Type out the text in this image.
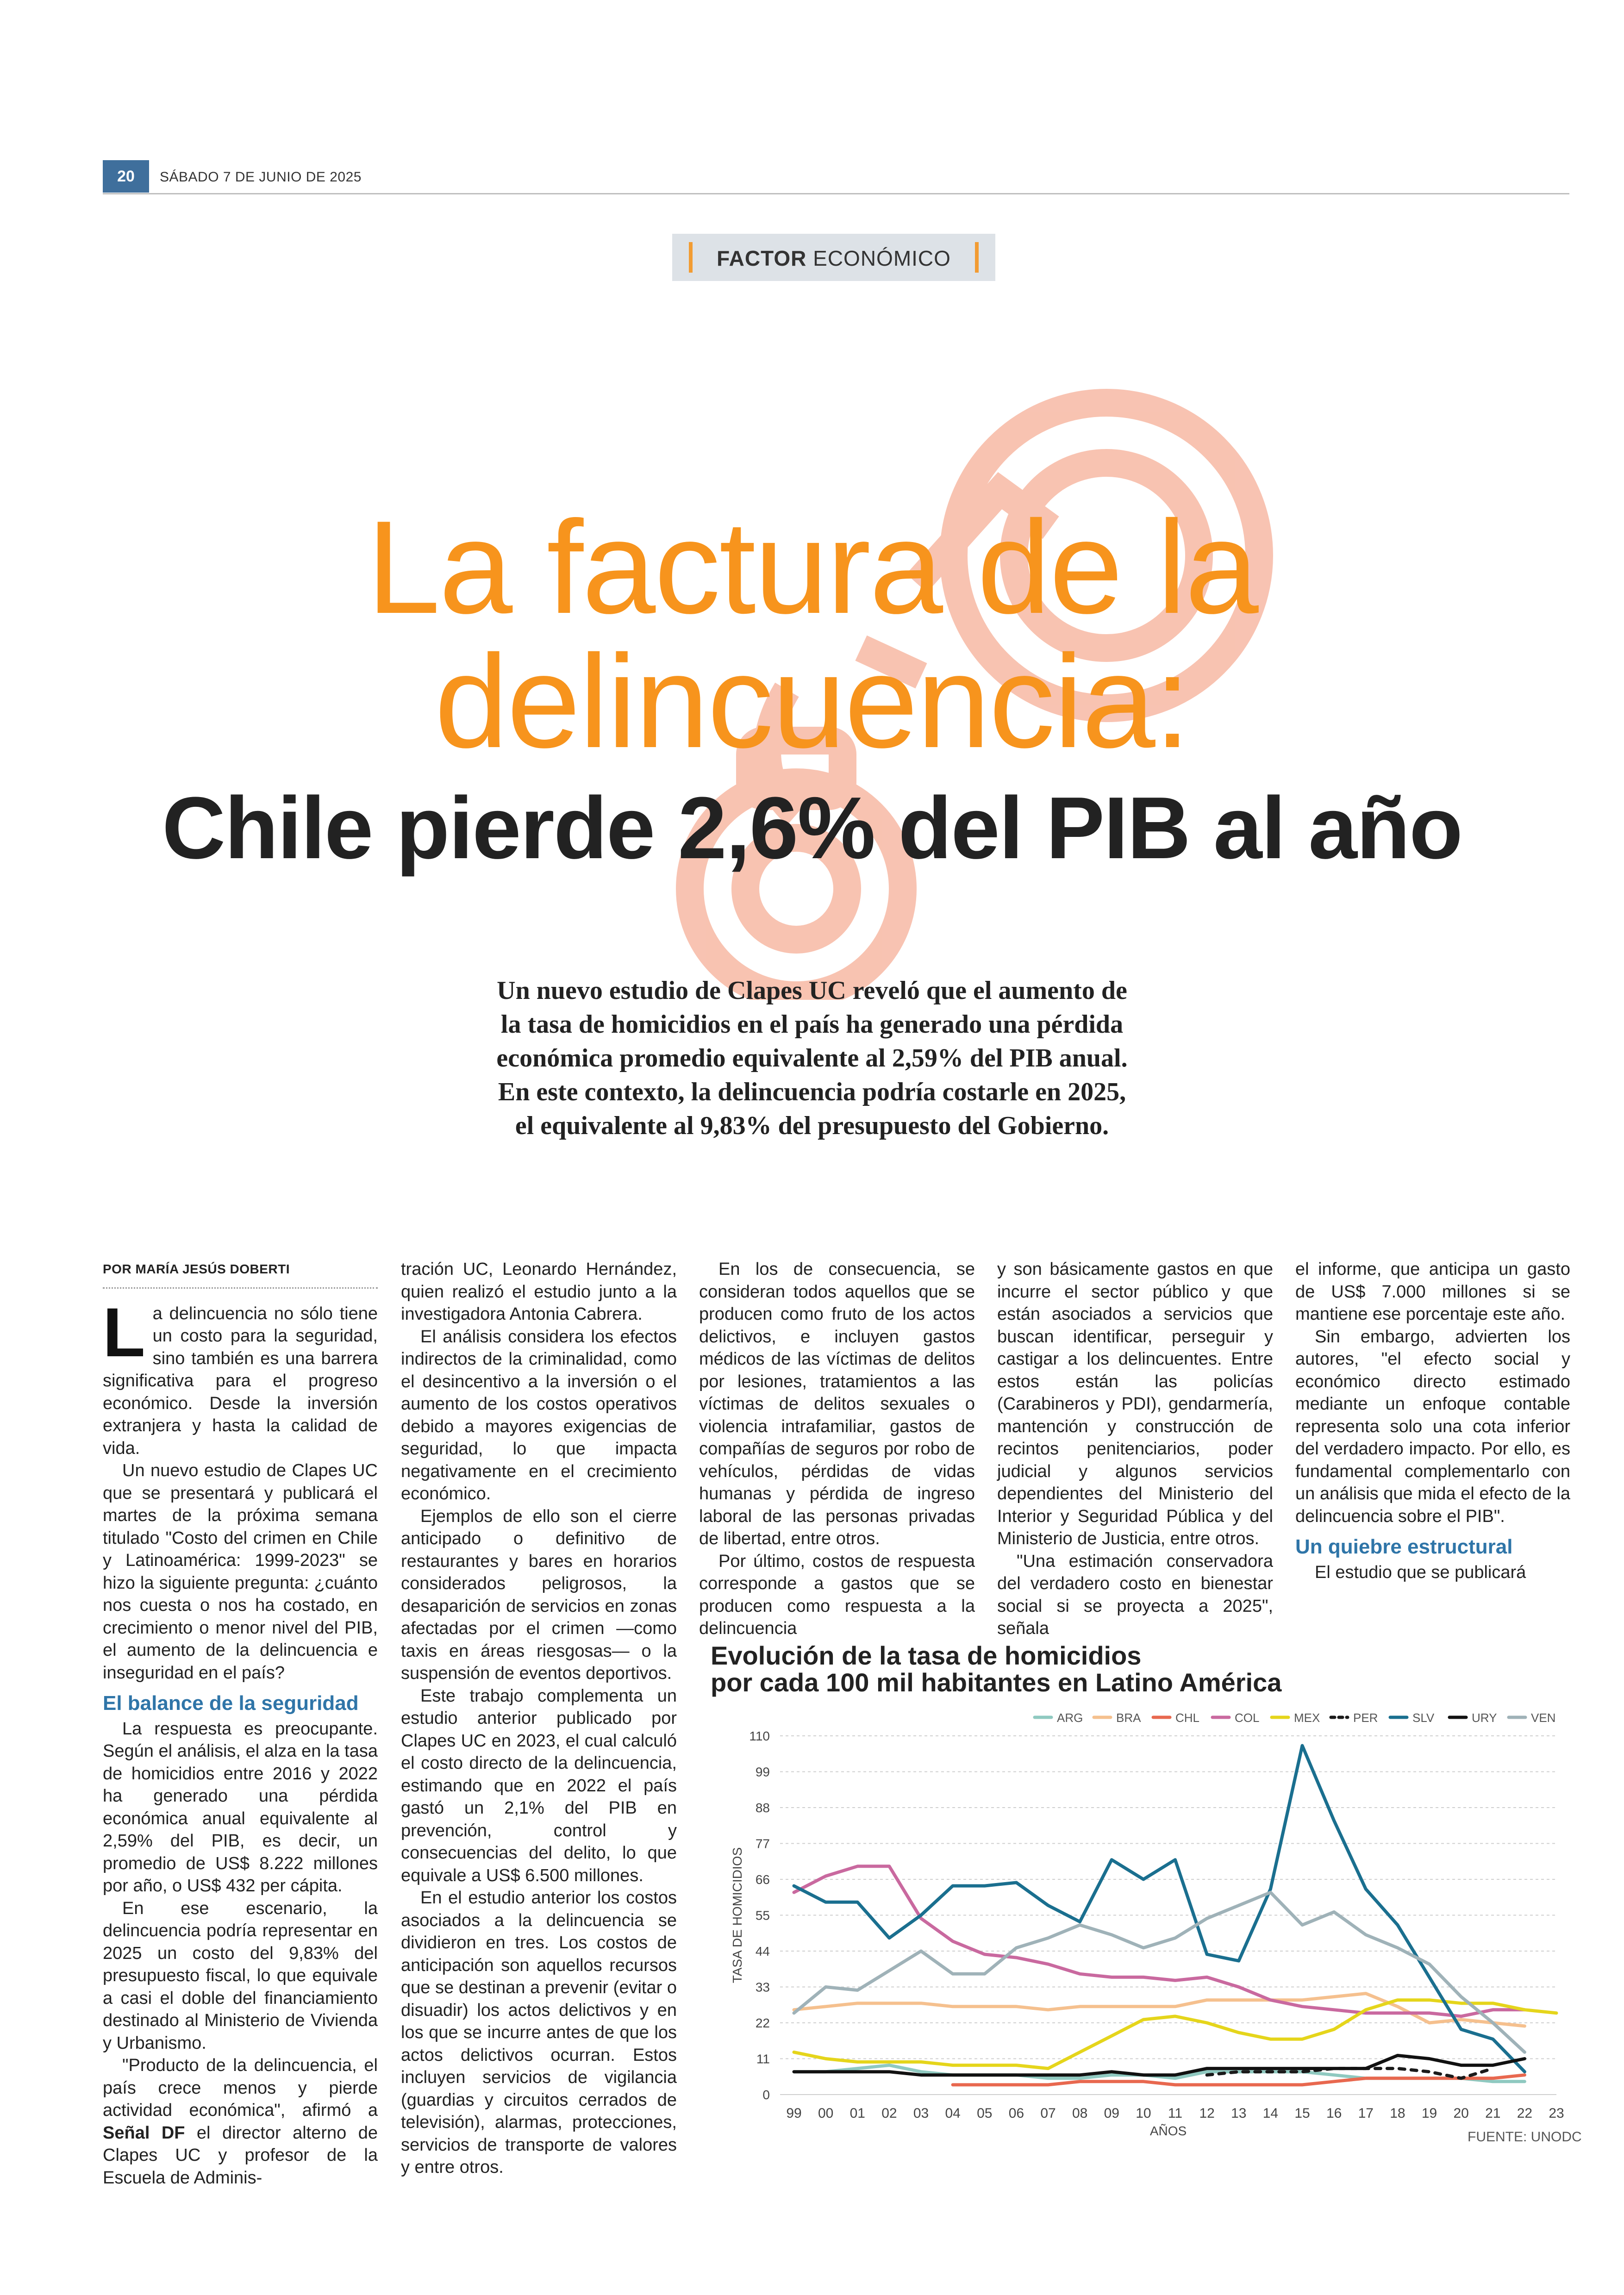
20	SÁBADO 7 DE JUNIO DE 2025
FACTOR ECONÓMICO
La factura de la
delincuencia:
Chile pierde 2,6% del PIB al año
Un nuevo estudio de Clapes UC reveló que el aumento de
la tasa de homicidios en el país ha generado una pérdida
económica promedio equivalente al 2,59% del PIB anual.
En este contexto, la delincuencia podría costarle en 2025,
el equivalente al 9,83% del presupuesto del Gobierno.
POR MARÍA JESÚS DOBERTI

La delincuencia no sólo tiene un costo para la seguridad, sino también es una barrera significativa para el progreso económico. Desde la inversión extranjera y hasta la calidad de vida.

Un nuevo estudio de Clapes UC que se presentará y publicará el martes de la próxima semana titulado "Costo del crimen en Chile y Latinoamérica: 1999-2023" se hizo la siguiente pregunta: ¿cuánto nos cuesta o nos ha costado, en crecimiento o menor nivel del PIB, el aumento de la delincuencia e inseguridad en el país?

El balance de la seguridad

La respuesta es preocupante. Según el análisis, el alza en la tasa de homicidios entre 2016 y 2022 ha generado una pérdida económica anual equivalente al 2,59% del PIB, es decir, un promedio de US$ 8.222 millones por año, o US$ 432 per cápita.

En ese escenario, la delincuencia podría representar en 2025 un costo del 9,83% del presupuesto fiscal, lo que equivale a casi el doble del financiamiento destinado al Ministerio de Vivienda y Urbanismo.

"Producto de la delincuencia, el país crece menos y pierde actividad económica", afirmó a Señal DF el director alterno de Clapes UC y profesor de la Escuela de Adminis-

tración UC, Leonardo Hernández, quien realizó el estudio junto a la investigadora Antonia Cabrera.

El análisis considera los efectos indirectos de la criminalidad, como el desincentivo a la inversión o el aumento de los costos operativos debido a mayores exigencias de seguridad, lo que impacta negativamente en el crecimiento económico.

Ejemplos de ello son el cierre anticipado o definitivo de restaurantes y bares en horarios considerados peligrosos, la desaparición de servicios en zonas afectadas por el crimen —como taxis en áreas riesgosas— o la suspensión de eventos deportivos.

Este trabajo complementa un estudio anterior publicado por Clapes UC en 2023, el cual calculó el costo directo de la delincuencia, estimando que en 2022 el país gastó un 2,1% del PIB en prevención, control y consecuencias del delito, lo que equivale a US$ 6.500 millones.

En el estudio anterior los costos asociados a la delincuencia se dividieron en tres. Los costos de anticipación son aquellos recursos que se destinan a prevenir (evitar o disuadir) los actos delictivos y en los que se incurre antes de que los actos delictivos ocurran. Estos incluyen servicios de vigilancia (guardias y circuitos cerrados de televisión), alarmas, protecciones, servicios de transporte de valores y entre otros.

En los de consecuencia, se consideran todos aquellos que se producen como fruto de los actos delictivos, e incluyen gastos médicos de las víctimas de delitos por lesiones, tratamientos a las víctimas de delitos sexuales o violencia intrafamiliar, gastos de compañías de seguros por robo de vehículos, pérdidas de vidas humanas y pérdida de ingreso laboral de las personas privadas de libertad, entre otros.

Por último, costos de respuesta corresponde a gastos que se producen como respuesta a la delincuencia

y son básicamente gastos en que incurre el sector público y que están asociados a servicios que buscan identificar, perseguir y castigar a los delincuentes. Entre estos están las policías (Carabineros y PDI), gendarmería, mantención y construcción de recintos penitenciarios, poder judicial y algunos servicios dependientes del Ministerio del Interior y Seguridad Pública y del Ministerio de Justicia, entre otros.

"Una estimación conservadora del verdadero costo en bienestar social si se proyecta a 2025", señala

el informe, que anticipa un gasto de US$ 7.000 millones si se mantiene ese porcentaje este año.

Sin embargo, advierten los autores, "el efecto social y económico directo estimado mediante un enfoque contable representa solo una cota inferior del verdadero impacto. Por ello, es fundamental complementarlo con un análisis que mida el efecto de la delincuencia sobre el PIB".

Un quiebre estructural

El estudio que se publicará

Evolución de la tasa de homicidios
por cada 100 mil habitantes en Latino América
0
11
22
33
44
55
66
77
88
99
110
99 00 01 02 03 04 05 06 07 08 09 10 11 12 13 14 15 16 17 18 19 20 21 22 23
AÑOS
TASA DE HOMICIDIOS
ARG	BRA	CHL	COL	MEX	PER	SLV	URY	VEN
FUENTE: UNODC
